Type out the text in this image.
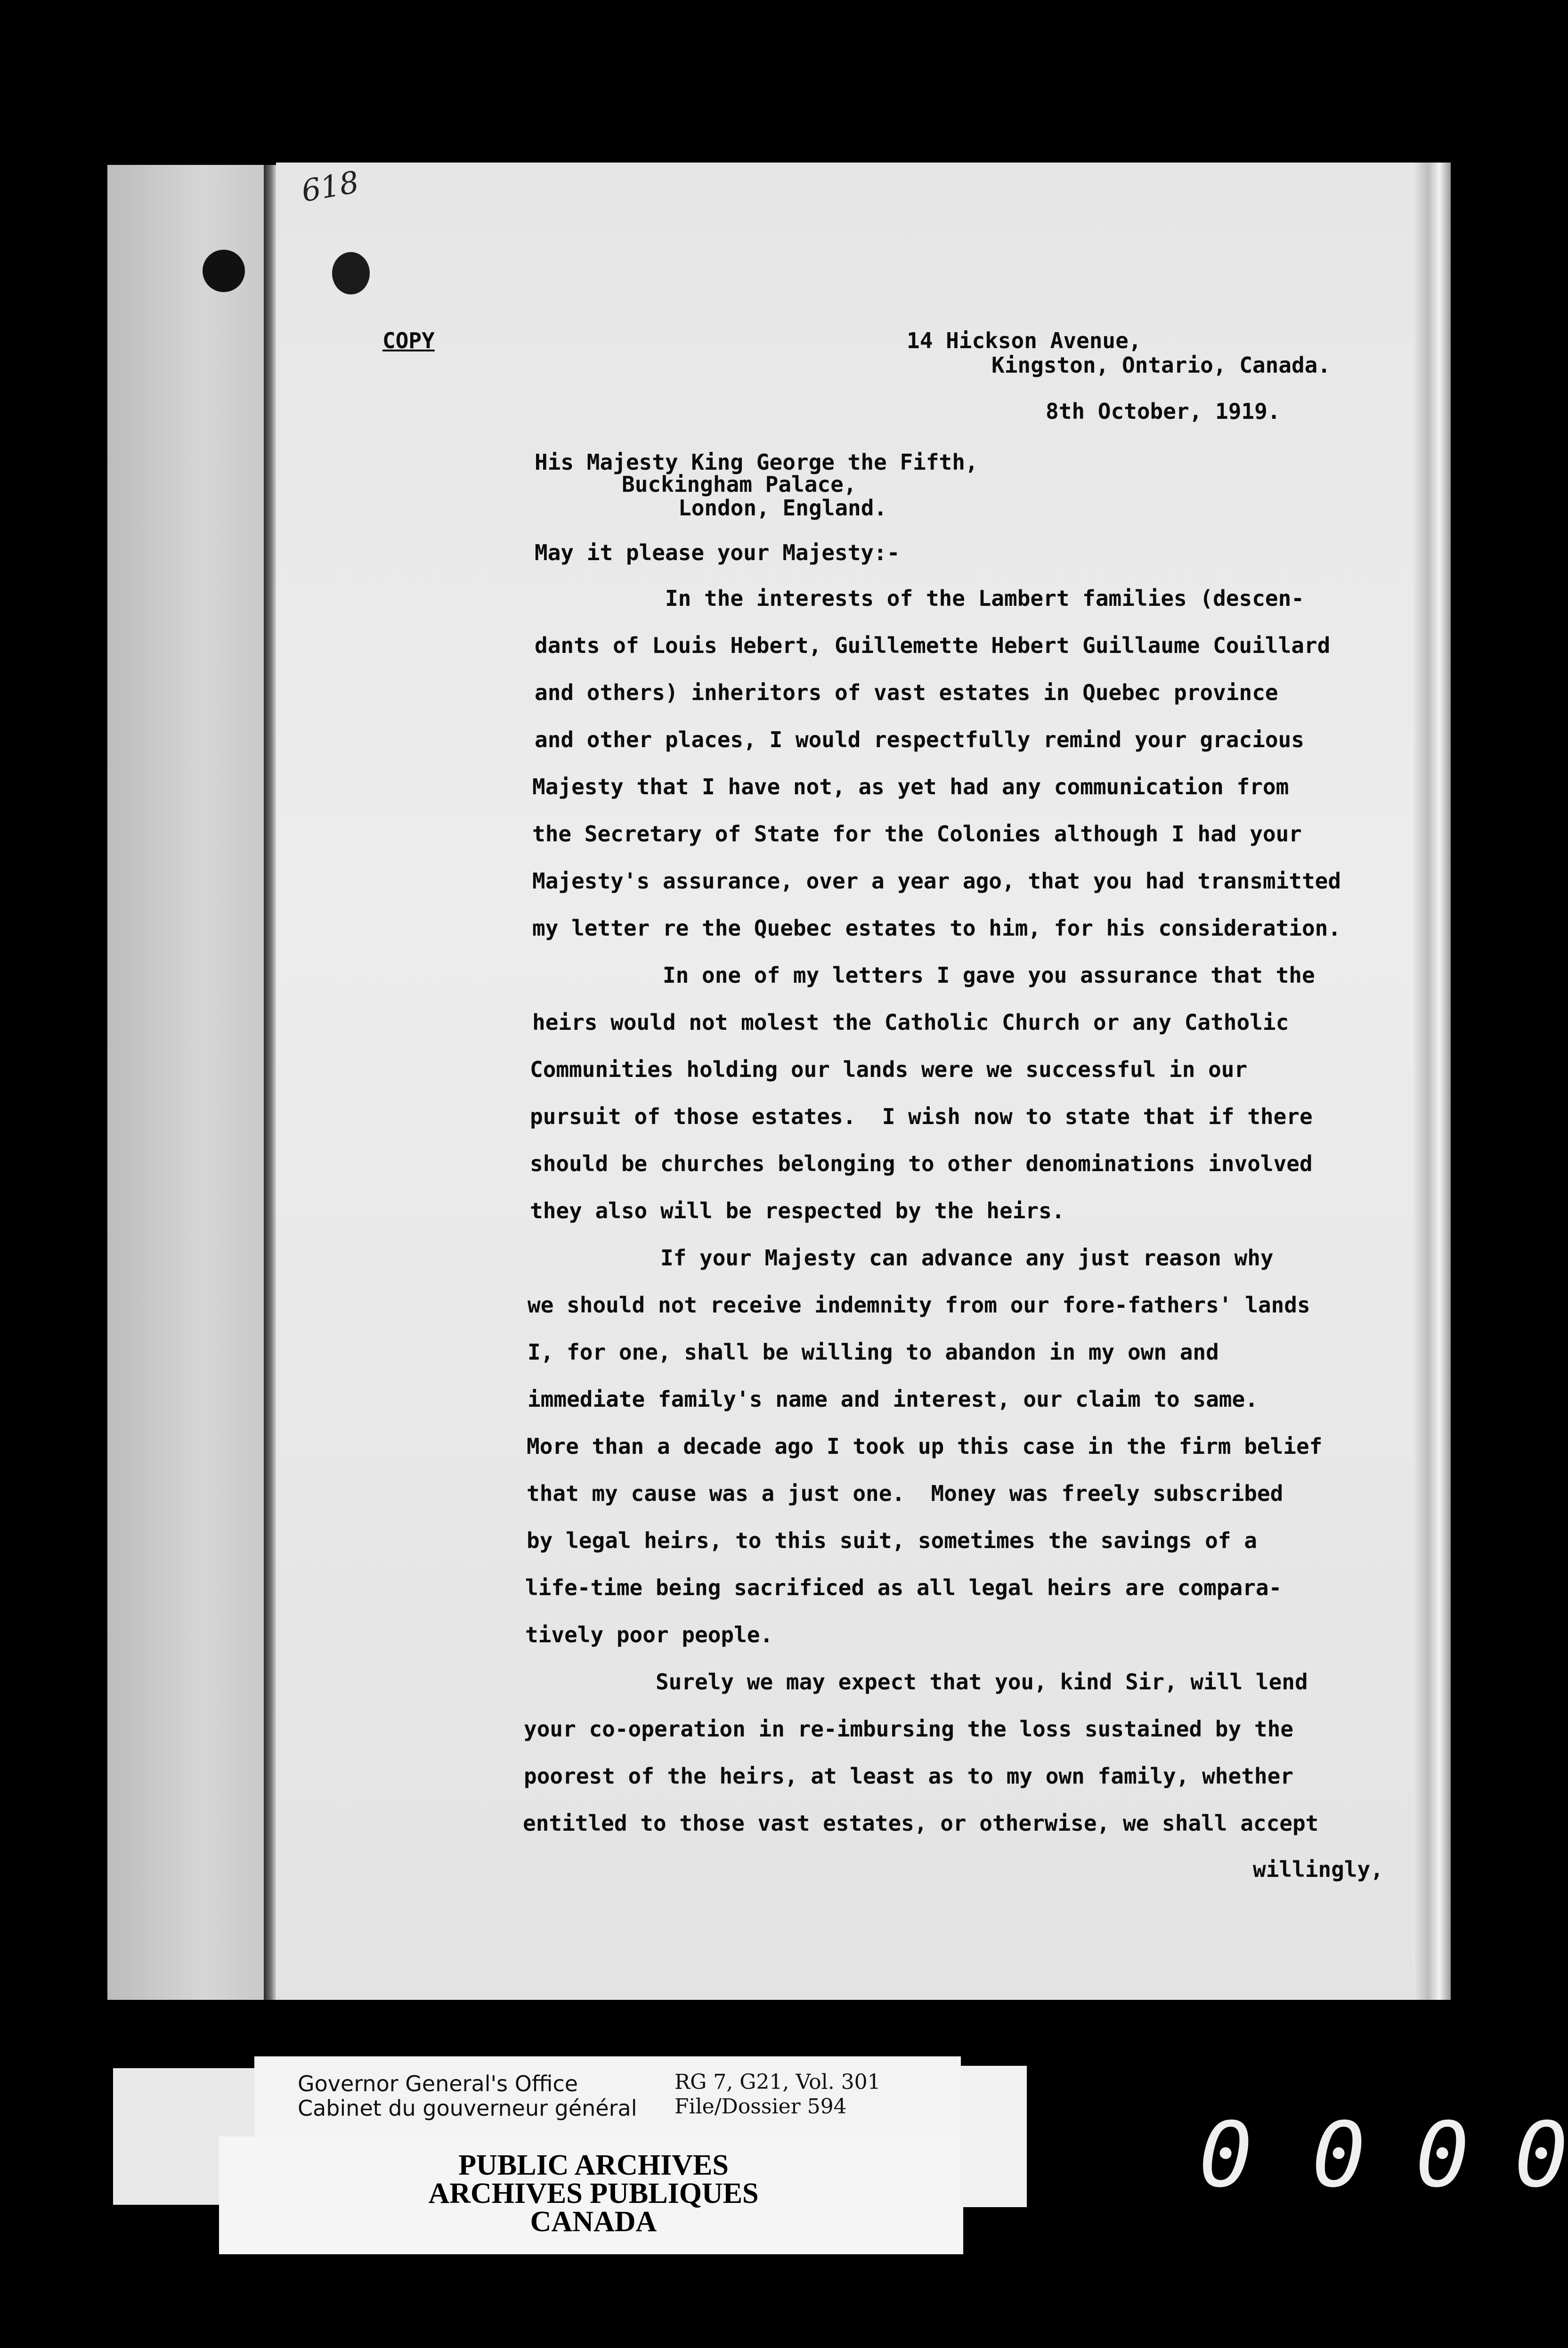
618
COPY	14 Hickson Avenue,
Kingston, Ontario, Canada.
8th October, 1919.
His Majesty King George the Fifth,
Buckingham Palace,
London, England.
May it please your Majesty:-
In the interests of the Lambert families (descen-
dants of Louis Hebert, Guillemette Hebert Guillaume Couillard
and others) inheritors of vast estates in Quebec province
and other places, I would respectfully remind your gracious
Majesty that I have not, as yet had any communication from
the Secretary of State for the Colonies although I had your
Majesty's assurance, over a year ago, that you had transmitted
my letter re the Quebec estates to him, for his consideration.
In one of my letters I gave you assurance that the
heirs would not molest the Catholic Church or any Catholic
Communities holding our lands were we successful in our
pursuit of those estates.  I wish now to state that if there
should be churches belonging to other denominations involved
they also will be respected by the heirs.
If your Majesty can advance any just reason why
we should not receive indemnity from our fore-fathers' lands
I, for one, shall be willing to abandon in my own and
immediate family's name and interest, our claim to same.
More than a decade ago I took up this case in the firm belief
that my cause was a just one.  Money was freely subscribed
by legal heirs, to this suit, sometimes the savings of a
life-time being sacrificed as all legal heirs are compara-
tively poor people.
Surely we may expect that you, kind Sir, will lend
your co-operation in re-imbursing the loss sustained by the
poorest of the heirs, at least as to my own family, whether
entitled to those vast estates, or otherwise, we shall accept
willingly,
Governor General's Office
Cabinet du gouverneur général
RG 7, G21, Vol. 301
File/Dossier 594
PUBLIC ARCHIVES
ARCHIVES PUBLIQUES
CANADA
0 0 0 0
